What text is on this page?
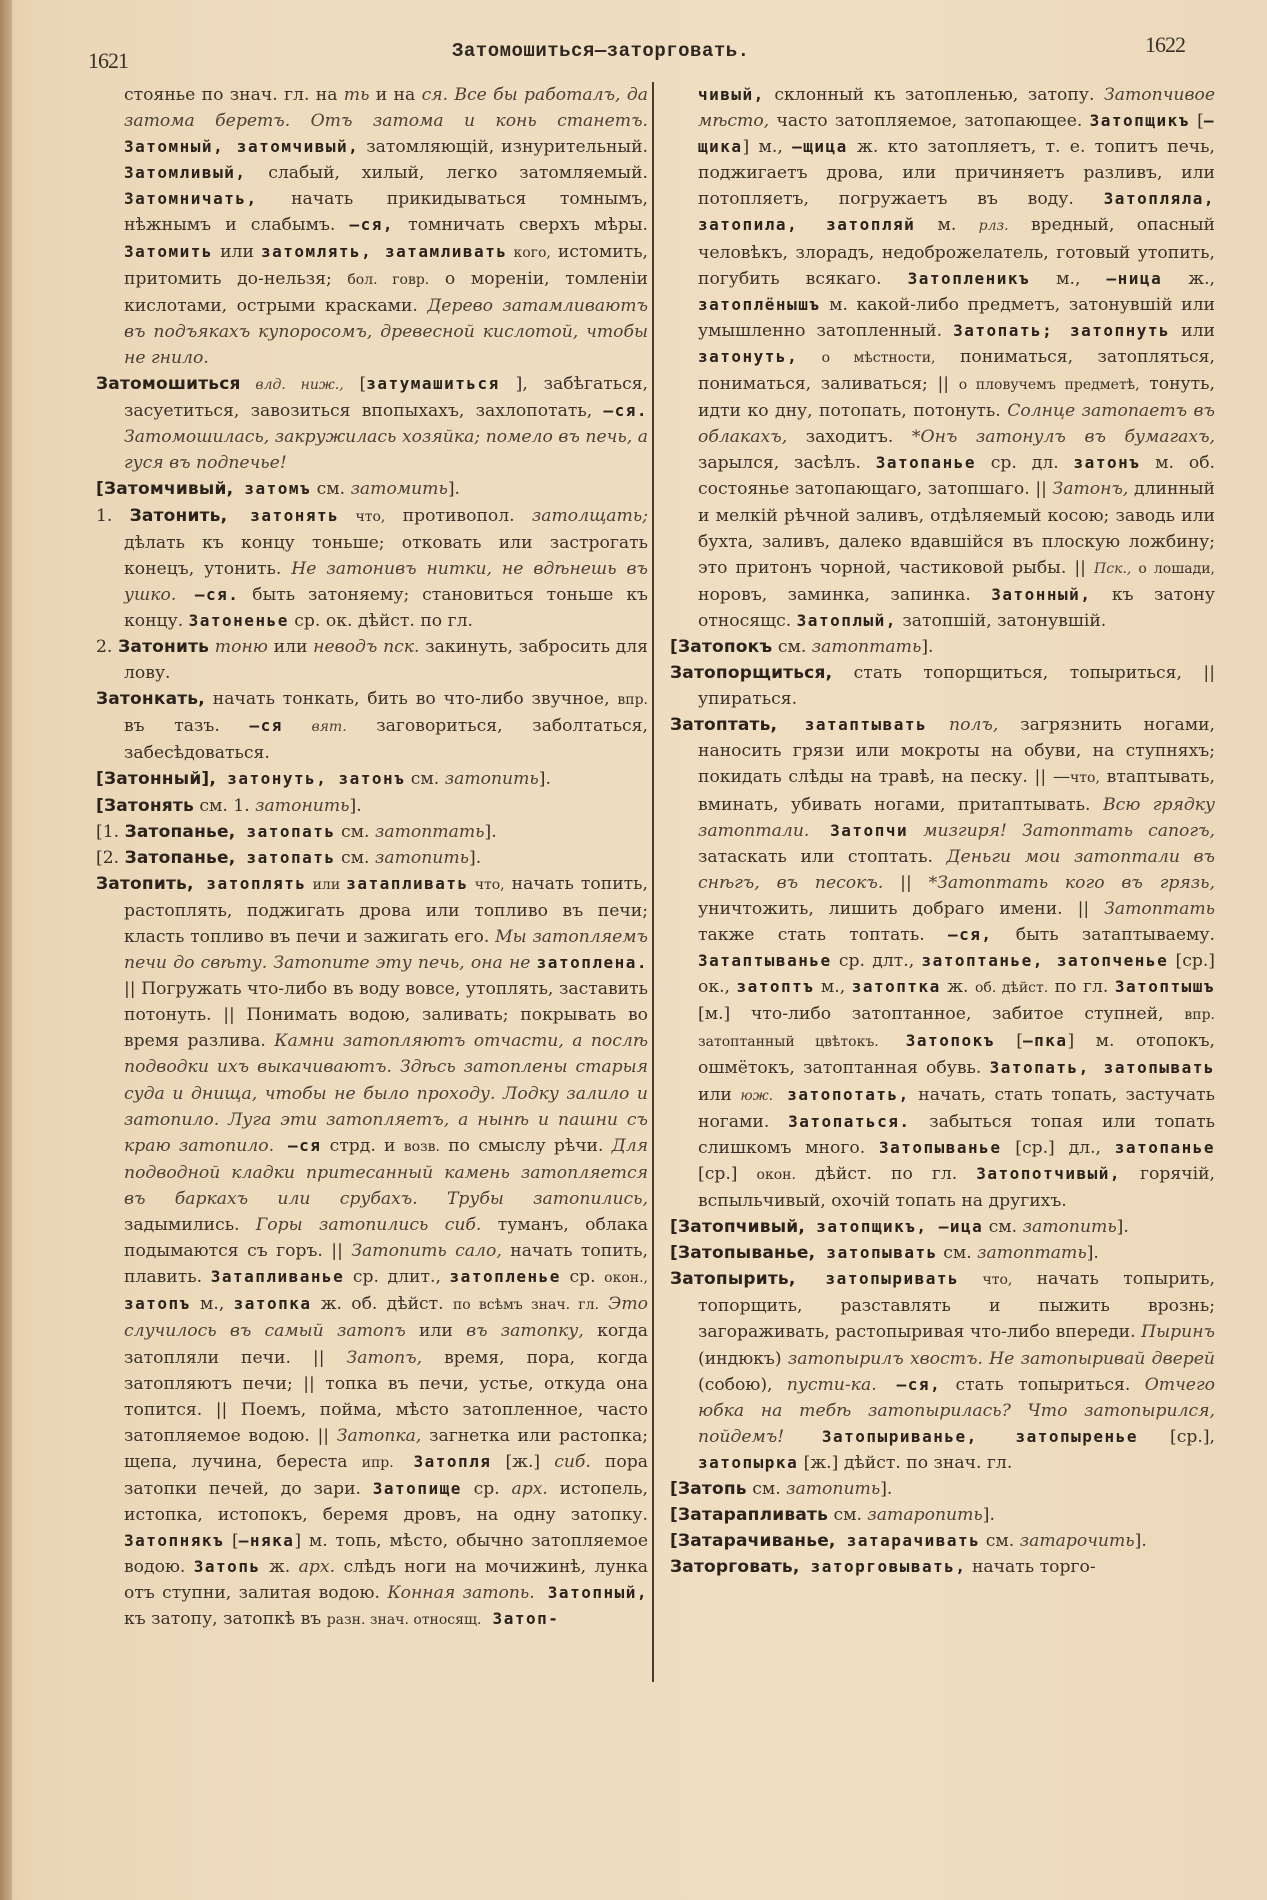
1621	Затомошиться—заторговать.	1622

стоянье по знач. гл. на ть и на ся. Все бы работалъ, да затома беретъ. Отъ затома и конь станетъ. Затомный, затомчивый, затомляющій, изнурительный. Затомливый, слабый, хилый, легко затомляемый. Затомничать, начать прикидываться томнымъ, нѣжнымъ и слабымъ. —ся, томничать сверхъ мѣры. Затомить или затомлять, затамливать кого, истомить, притомить до-нельзя; бол. говр. о мореніи, томленіи кислотами, острыми красками. Дерево затамливаютъ въ подъякахъ купоросомъ, древесной кислотой, чтобы не гнило.

Затомошиться влд. ниж., [затумашиться ], забѣгаться, засуетиться, завозиться впопыхахъ, захлопотать, —ся. Затомошилась, закружилась хозяйка; помело въ печь, а гуся въ подпечье!

[Затомчивый, затомъ см. затомить].

1. Затонить, затонять что, противопол. затолщать; дѣлать къ концу тоньше; отковать или застрогать конецъ, утонить. Не затонивъ нитки, не вдѣнешь въ ушко. —ся. быть затоняему; становиться тоньше къ концу. Затоненье ср. ок. дѣйст. по гл.

2. Затонить тоню или неводъ пск. закинуть, забросить для лову.

Затонкать, начать тонкать, бить во что-либо звучное, впр. въ тазъ. —ся вят. заговориться, заболтаться, забесѣдоваться.

[Затонный], затонуть, затонъ см. затопить].

[Затонять см. 1. затонить].

[1. Затопанье, затопать см. затоптать].

[2. Затопанье, затопать см. затопить].

Затопить, затоплять или затапливать что, начать топить, растоплять, поджигать дрова или топливо въ печи; класть топливо въ печи и зажигать его. Мы затопляемъ печи до свѣту. Затопите эту печь, она не затоплена. || Погружать что-либо въ воду вовсе, утоплять, заставить потонуть. || Понимать водою, заливать; покрывать во время разлива. Камни затопляютъ отчасти, а послѣ подводки ихъ выкачиваютъ. Здѣсь затоплены старыя суда и днища, чтобы не было проходу. Лодку залило и затопило. Луга эти затопляетъ, а нынѣ и пашни съ краю затопило. —ся стрд. и возв. по смыслу рѣчи. Для подводной кладки притесанный камень затопляется въ баркахъ или срубахъ. Трубы затопились, задымились. Горы затопились сиб. туманъ, облака подымаются съ горъ. || Затопить сало, начать топить, плавить. Затапливанье ср. длит., затопленье ср. окон., затопъ м., затопка ж. об. дѣйст. по всѣмъ знач. гл. Это случилось въ самый затопъ или въ затопку, когда затопляли печи. || Затопъ, время, пора, когда затопляютъ печи; || топка въ печи, устье, откуда она топится. || Поемъ, пойма, мѣсто затопленное, часто затопляемое водою. || Затопка, загнетка или растопка; щепа, лучина, береста ипр. Затопля [ж.] сиб. пора затопки печей, до зари. Затопище ср. арх. истопель, истопка, истопокъ, беремя дровъ, на одну затопку. Затопнякъ [—няка] м. топь, мѣсто, обычно затопляемое водою. Затопь ж. арх. слѣдъ ноги на мочижинѣ, лунка отъ ступни, залитая водою. Конная затопь. Затопный, къ затопу, затопкѣ въ разн. знач. относящ. Затоп-

чивый, склонный къ затопленью, затопу. Затопчивое мѣсто, часто затопляемое, затопающее. Затопщикъ [—щика] м., —щица ж. кто затопляетъ, т. е. топитъ печь, поджигаетъ дрова, или причиняетъ разливъ, или потопляетъ, погружаетъ въ воду. Затопляла, затопила, затопляй м. рлз. вредный, опасный человѣкъ, злорадъ, недоброжелатель, готовый утопить, погубить всякаго. Затопленикъ м., —ница ж., затоплёнышъ м. какой-либо предметъ, затонувшій или умышленно затопленный. Затопать; затопнуть или затонуть, о мѣстности, пониматься, затопляться, пониматься, заливаться; || о пловучемъ предметѣ, тонуть, идти ко дну, потопать, потонуть. Солнце затопаетъ въ облакахъ, заходитъ. *Онъ затонулъ въ бумагахъ, зарылся, засѣлъ. Затопанье ср. дл. затонъ м. об. состоянье затопающаго, затопшаго. || Затонъ, длинный и мелкій рѣчной заливъ, отдѣляемый косою; заводь или бухта, заливъ, далеко вдавшійся въ плоскую ложбину; это притонъ чорной, частиковой рыбы. || Пск., о лошади, норовъ, заминка, запинка. Затонный, къ затону относящс. Затоплый, затопшій, затонувшій.

[Затопокъ см. затоптать].

Затопорщиться, стать топорщиться, топыриться, || упираться.

Затоптать, затаптывать полъ, загрязнить ногами, наносить грязи или мокроты на обуви, на ступняхъ; покидать слѣды на травѣ, на песку. || —что, втаптывать, вминать, убивать ногами, притаптывать. Всю грядку затоптали. Затопчи мизгиря! Затоптать сапогъ, затаскать или стоптать. Деньги мои затоптали въ снѣгъ, въ песокъ. || *Затоптать кого въ грязь, уничтожить, лишить добраго имени. || Затоптать также стать топтать. —ся, быть затаптываему. Затаптыванье ср. длт., затоптанье, затопченье [ср.] ок., затоптъ м., затоптка ж. об. дѣйст. по гл. Затоптышъ [м.] что-либо затоптанное, забитое ступней, впр. затоптанный цвѣтокъ. Затопокъ [—пка] м. отопокъ, ошмётокъ, затоптанная обувь. Затопать, затопывать или юж. затопотать, начать, стать топать, застучать ногами. Затопаться. забыться топая или топать слишкомъ много. Затопыванье [ср.] дл., затопанье [ср.] окон. дѣйст. по гл. Затопотчивый, горячій, вспыльчивый, охочій топать на другихъ.

[Затопчивый, затопщикъ, —ица см. затопить].

[Затопыванье, затопывать см. затоптать].

Затопырить, затопыривать что, начать топырить, топорщить, разставлять и пыжить врознь; загораживать, растопыривая что-либо впереди. Пыринъ (индюкъ) затопырилъ хвостъ. Не затопыривай дверей (собою), пусти-ка. —ся, стать топыриться. Отчего юбка на тебѣ затопырилась? Что затопырился, пойдемъ! Затопыриванье, затопыренье [ср.], затопырка [ж.] дѣйст. по знач. гл.

[Затопь см. затопить].

[Затарапливать см. затаропить].

[Затарачиванье, затарачивать см. затарочить].

Заторговать, заторговывать, начать торго-
